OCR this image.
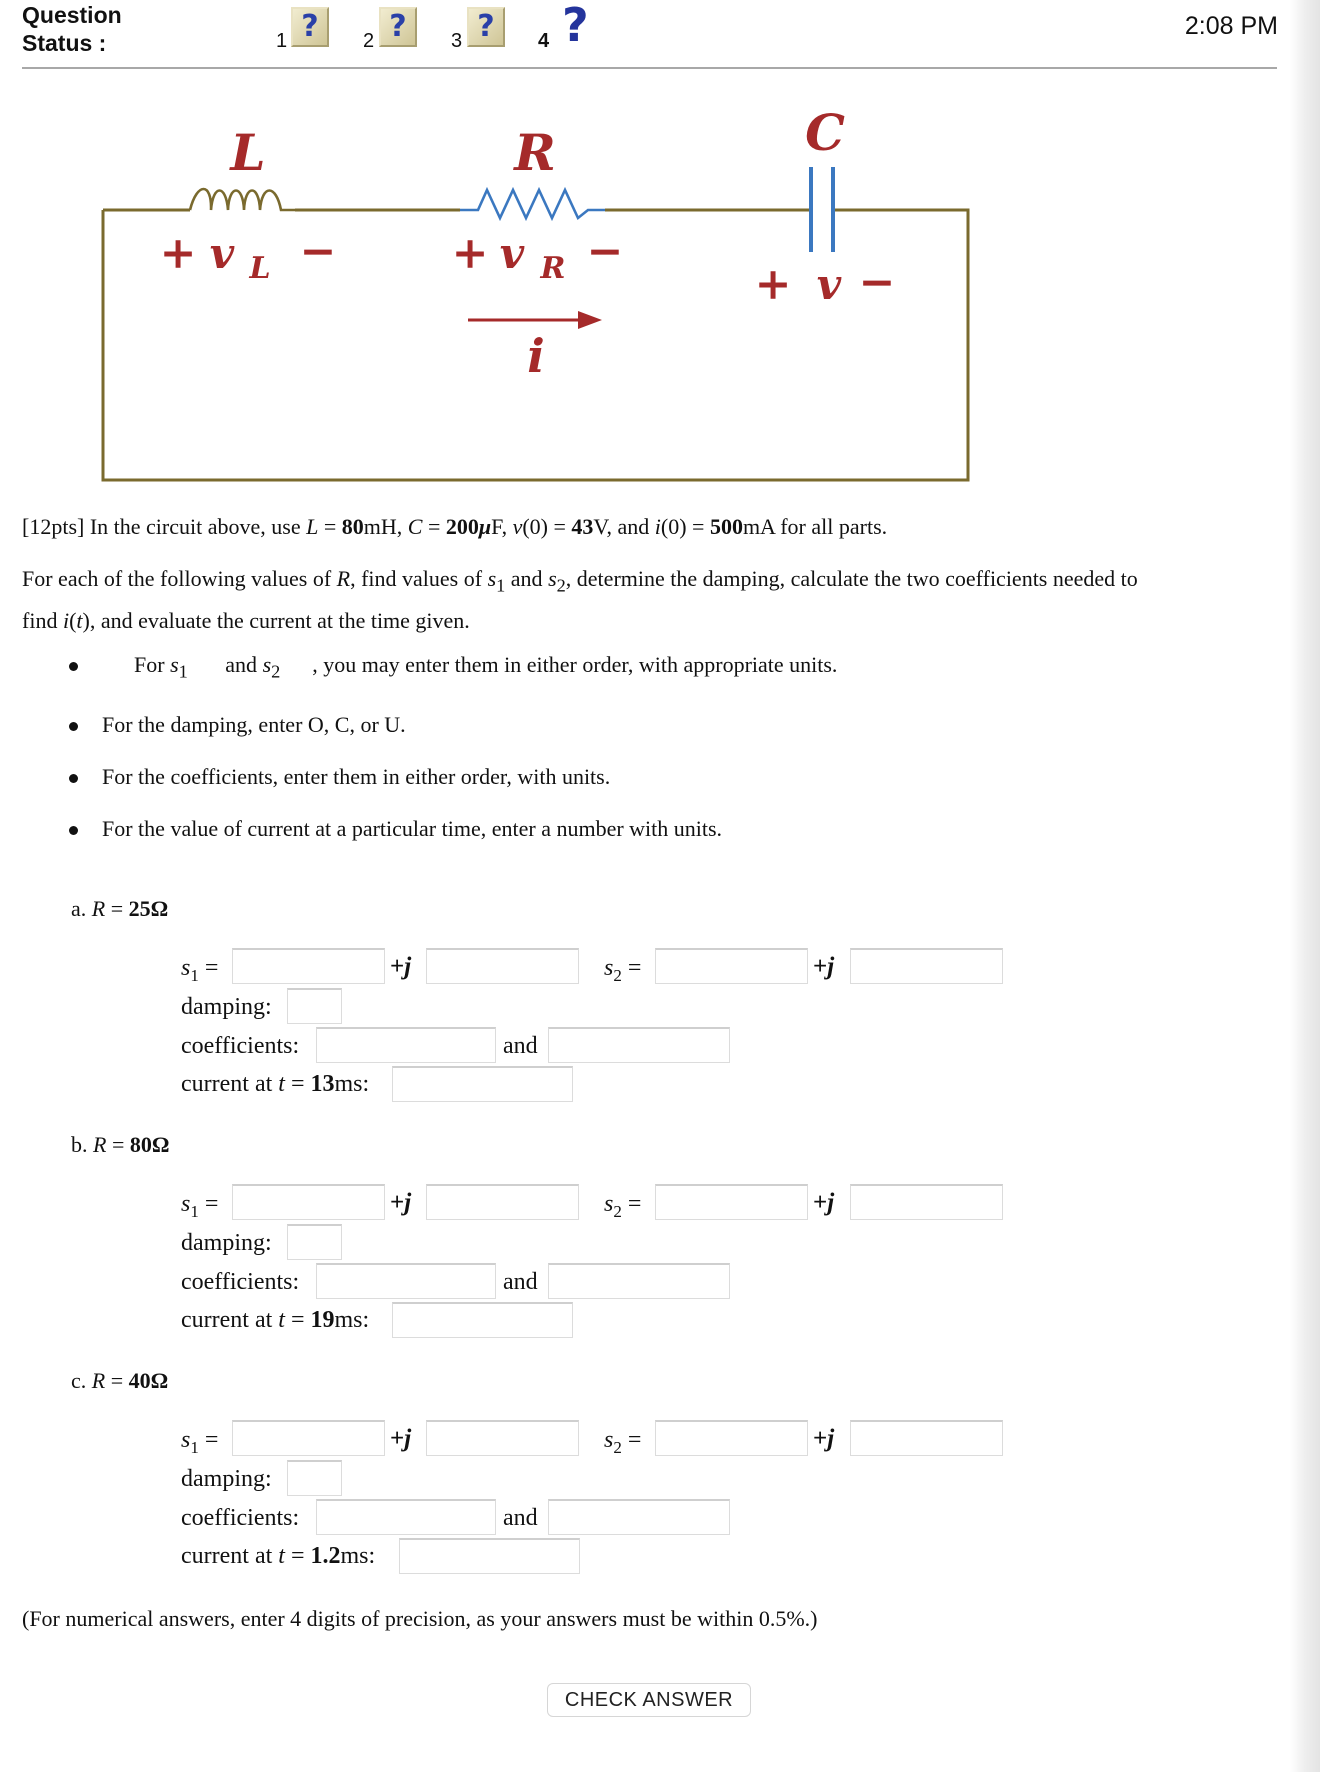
Question Status :	1 ?	2 ?	3 ?	4 ?	2:08 PM
L	R	C
i
+ v L −	+ v R −
+ v −
[12pts] In the circuit above, use L = 80mH, C = 200μF, v(0) = 43V, and i(0) = 500mA for all parts.
For each of the following values of R, find values of $s_1$ and $s_2$, determine the damping, calculate the two coefficients needed to
find i(t), and evaluate the current at the time given.
For $s_1$ and $s_2$ , you may enter them in either order, with appropriate units.
For the damping, enter O, C, or U.
For the coefficients, enter them in either order, with units.
For the value of current at a particular time, enter a number with units.
a. R = 25Ω
$s_1$ =	+j	$s_2$ =	+j
damping:
coefficients:	and
current at t = 13ms:
b. R = 80Ω
$s_1$ =	+j	$s_2$ =	+j
damping:
coefficients:	and
current at t = 19ms:
c. R = 40Ω
$s_1$ =	+j	$s_2$ =	+j
damping:
coefficients:	and
current at t = 1.2ms:
(For numerical answers, enter 4 digits of precision, as your answers must be within 0.5%.)
CHECK ANSWER
